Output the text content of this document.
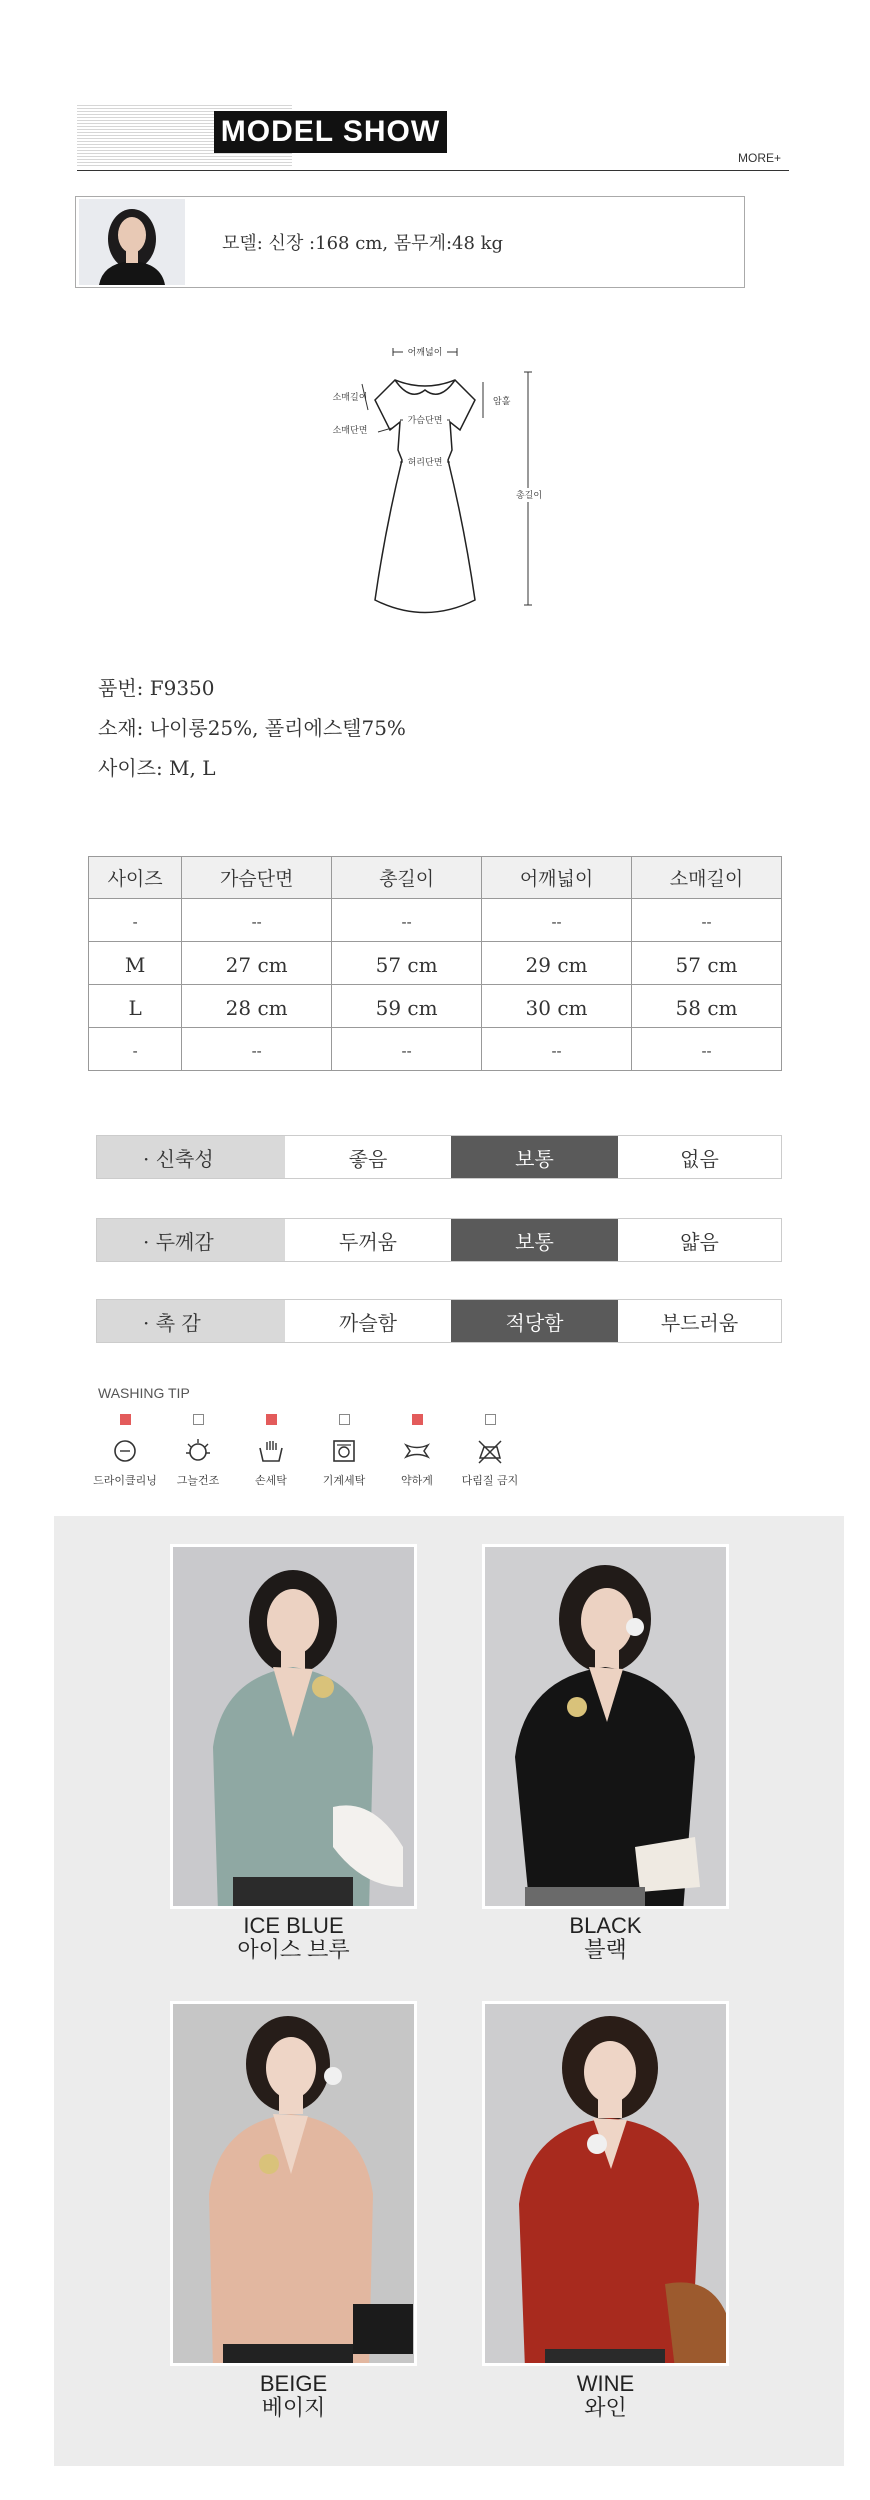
MODEL SHOW
MORE+
모델: 신장 :168 cm, 몸무게:48 kg
어깨넓이
가슴단면
허리단면
소매길이
소매단면
암홀
총길이
품번: F9350
소재: 나이롱25%, 폴리에스텔75%
사이즈: M, L
사이즈	가슴단면	총길이	어깨넓이	소매길이
-	--	--	--	--
M	27 cm	57 cm	29 cm	57 cm
L	28 cm	59 cm	30 cm	58 cm
-	--	--	--	--
· 신축성	좋음	보통	없음
· 두께감	두꺼움	보통	얇음
· 촉 감	까슬함	적당함	부드러움
WASHING TIP
드라이클리닝	그늘건조	손세탁	기계세탁	약하게	다림질 금지
ICE BLUE
아이스 브루
BLACK
블랙
BEIGE
베이지
WINE
와인
